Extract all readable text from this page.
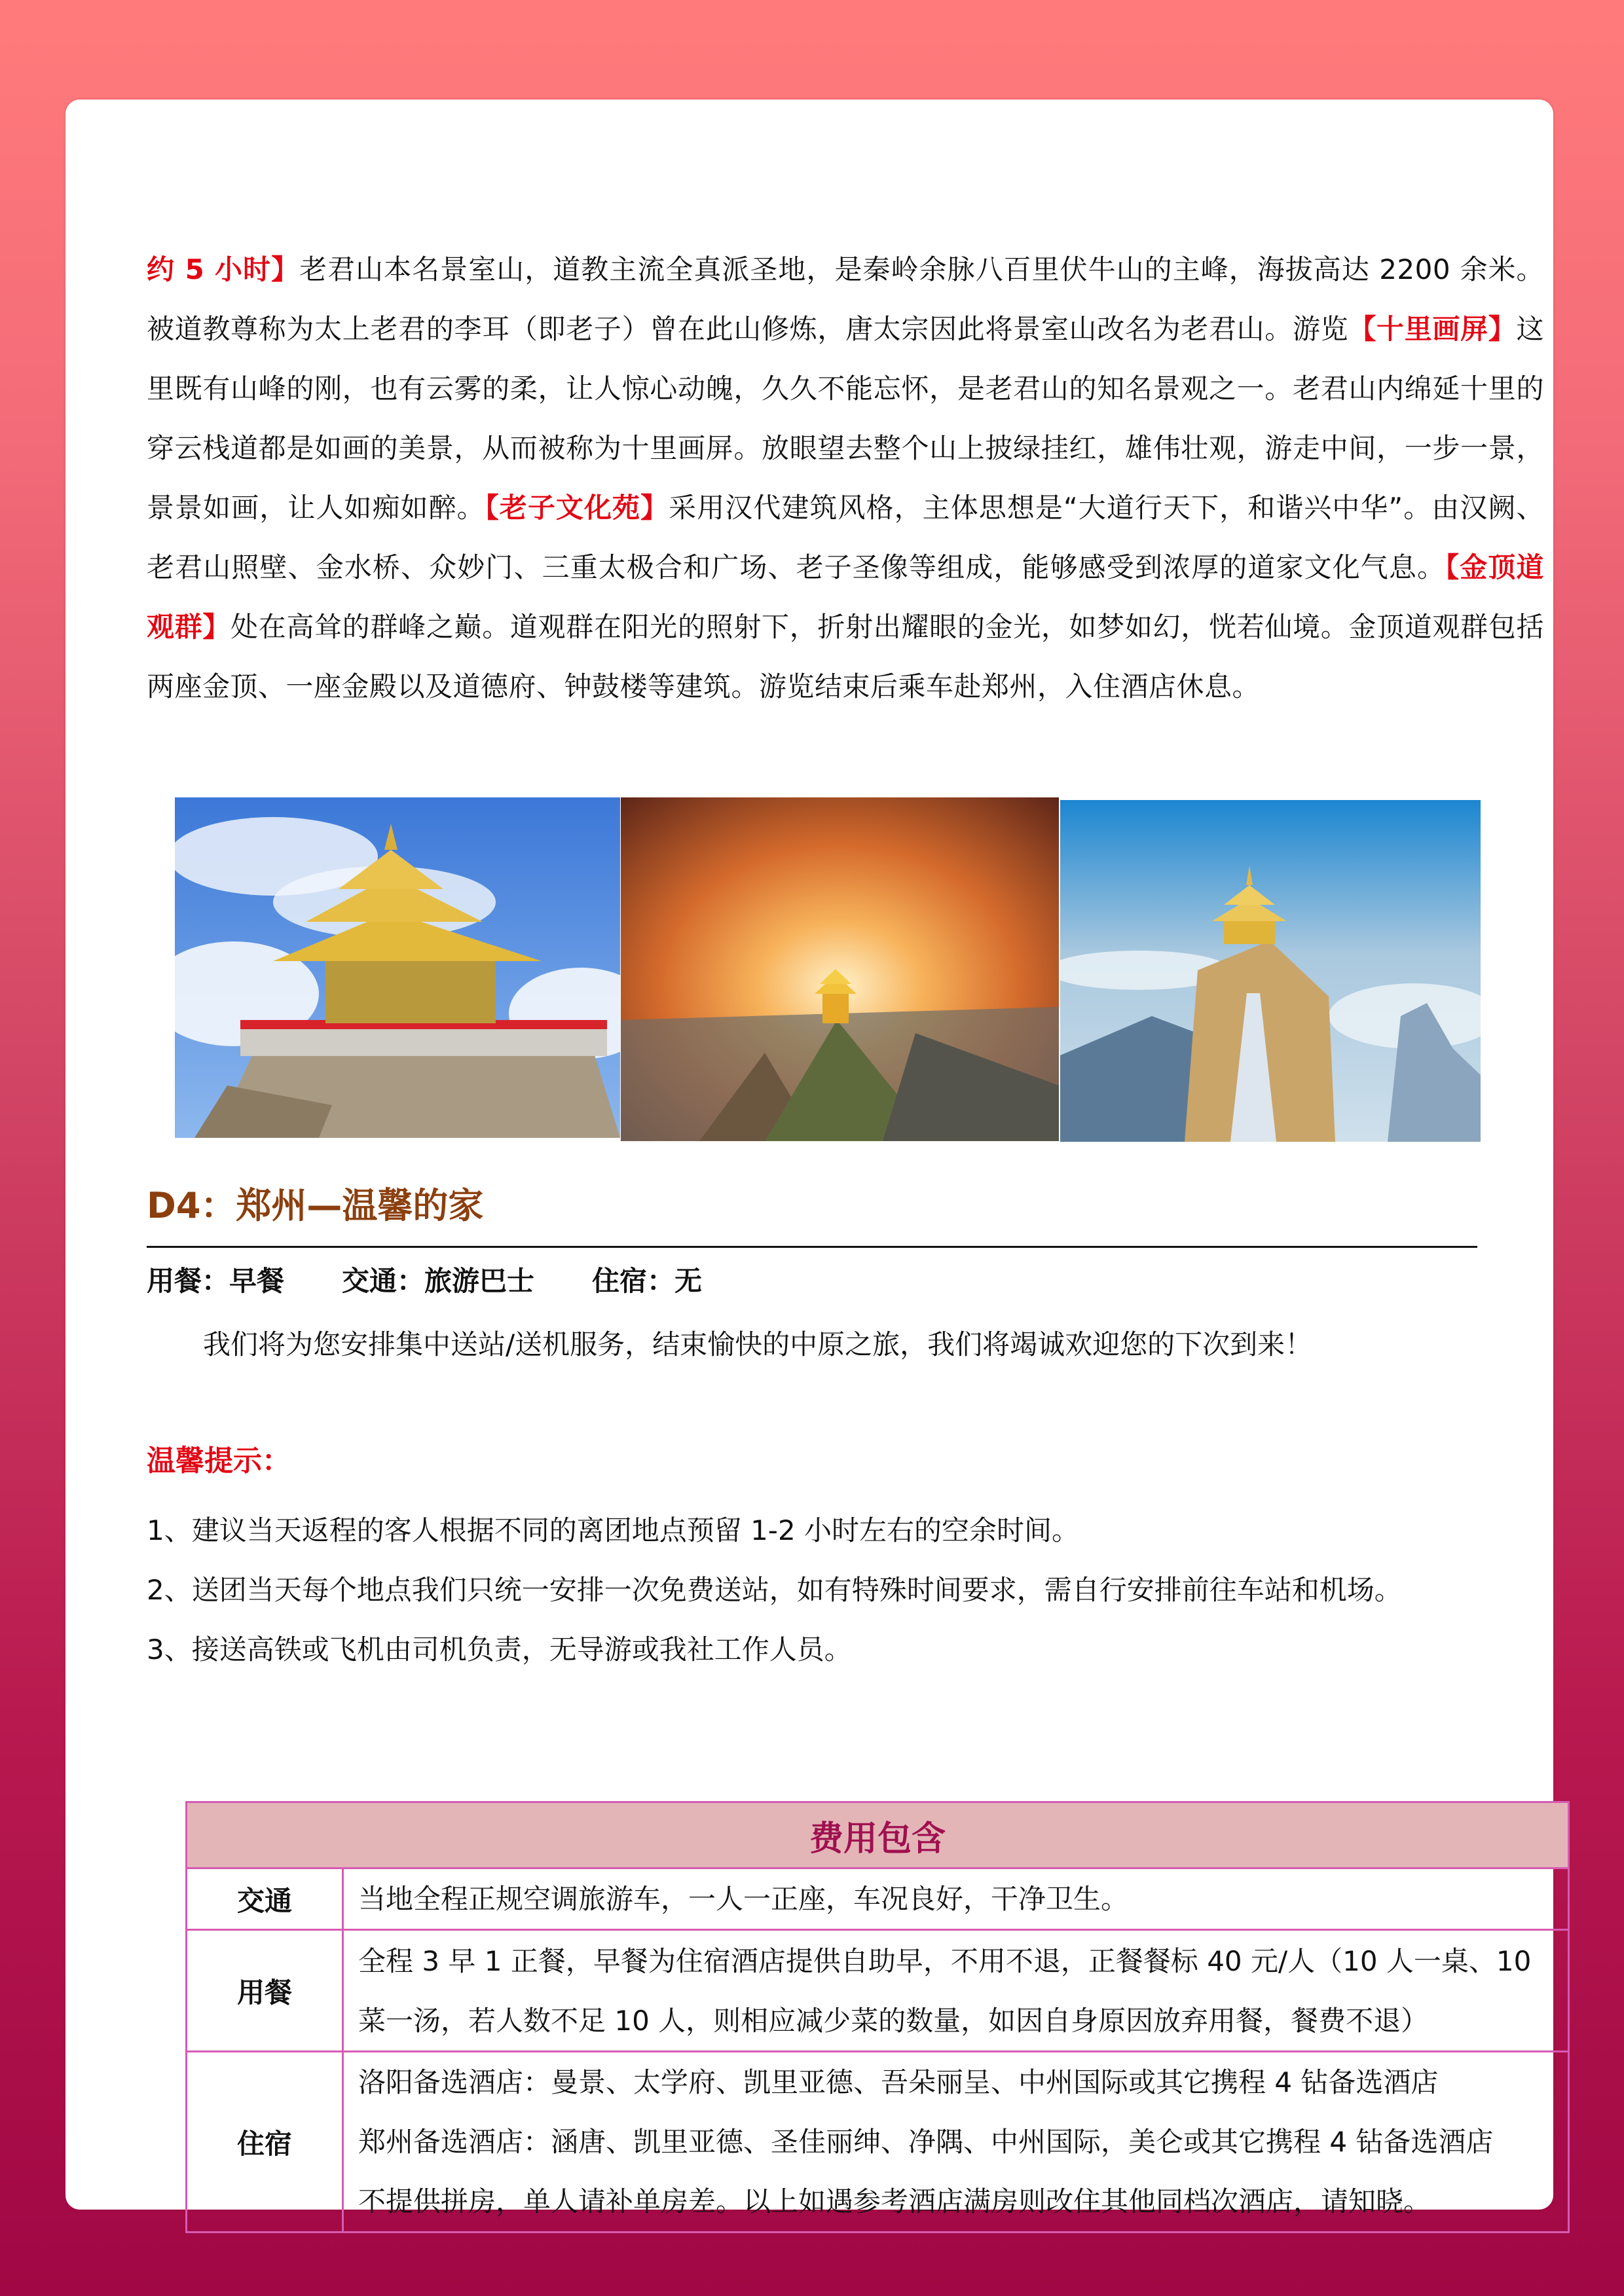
约 5 小时】老君山本名景室山，道教主流全真派圣地，是秦岭余脉八百里伏牛山的主峰，海拔高达 2200 余米。被道教尊称为太上老君的李耳（即老子）曾在此山修炼，唐太宗因此将景室山改名为老君山。游览【十里画屏】这里既有山峰的刚，也有云雾的柔，让人惊心动魄，久久不能忘怀，是老君山的知名景观之一。老君山内绵延十里的穿云栈道都是如画的美景，从而被称为十里画屏。放眼望去整个山上披绿挂红，雄伟壮观，游走中间，一步一景，景景如画，让人如痴如醉。【老子文化苑】采用汉代建筑风格，主体思想是“大道行天下，和谐兴中华”。由汉阙、老君山照壁、金水桥、众妙门、三重太极合和广场、老子圣像等组成，能够感受到浓厚的道家文化气息。【金顶道观群】处在高耸的群峰之巅。道观群在阳光的照射下，折射出耀眼的金光，如梦如幻，恍若仙境。金顶道观群包括两座金顶、一座金殿以及道德府、钟鼓楼等建筑。游览结束后乘车赴郑州，入住酒店休息。

D4：郑州—温馨的家
用餐：早餐 交通：旅游巴士 住宿：无
我们将为您安排集中送站/送机服务，结束愉快的中原之旅，我们将竭诚欢迎您的下次到来！
温馨提示：
1、建议当天返程的客人根据不同的离团地点预留 1-2 小时左右的空余时间。
2、送团当天每个地点我们只统一安排一次免费送站，如有特殊时间要求，需自行安排前往车站和机场。
3、接送高铁或飞机由司机负责，无导游或我社工作人员。
费用包含	
交通	当地全程正规空调旅游车，一人一正座，车况良好，干净卫生。
用餐	全程 3 早 1 正餐，早餐为住宿酒店提供自助早，不用不退，正餐餐标 40 元/人（10 人一桌、10 菜一汤，若人数不足 10 人，则相应减少菜的数量，如因自身原因放弃用餐，餐费不退）
住宿	洛阳备选酒店：曼景、太学府、凯里亚德、吾朵丽呈、中州国际或其它携程 4 钻备选酒店
郑州备选酒店：涵唐、凯里亚德、圣佳丽绅、净隅、中州国际，美仑或其它携程 4 钻备选酒店
不提供拼房，单人请补单房差。以上如遇参考酒店满房则改住其他同档次酒店，请知晓。
